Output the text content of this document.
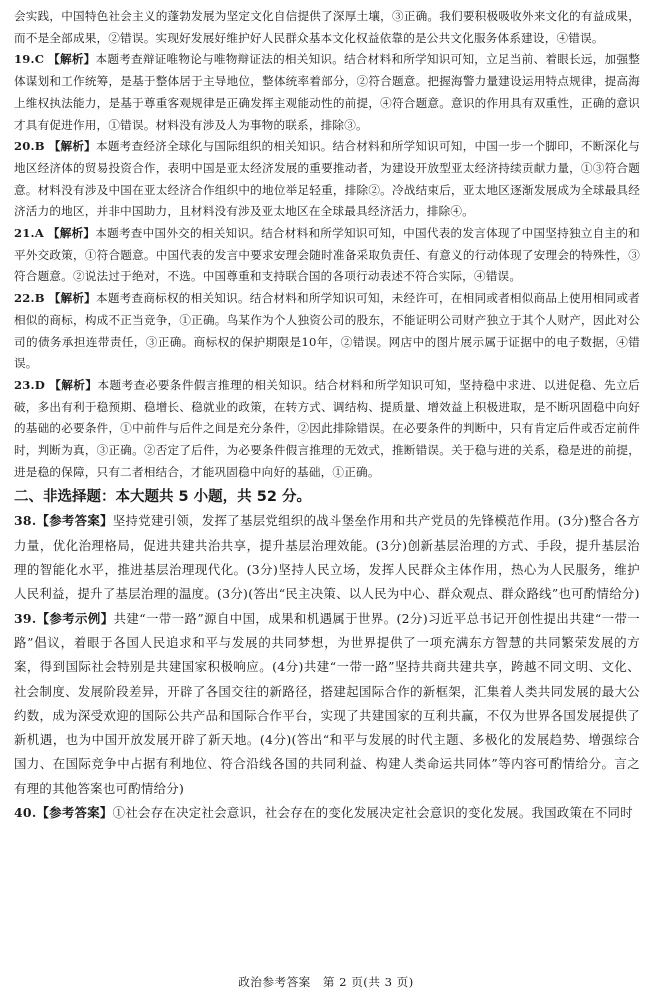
会实践，中国特色社会主义的蓬勃发展为坚定文化自信提供了深厚土壤，③正确。我们要积极吸收外来文化的有益成果，而不是全部成果，②错误。实现好发展好维护好人民群众基本文化权益依靠的是公共文化服务体系建设，④错误。

19.C 【解析】本题考查辩证唯物论与唯物辩证法的相关知识。结合材料和所学知识可知，立足当前、着眼长远，加强整体谋划和工作统筹，是基于整体居于主导地位，整体统率着部分，②符合题意。把握海警力量建设运用特点规律，提高海上维权执法能力，是基于尊重客观规律是正确发挥主观能动性的前提，④符合题意。意识的作用具有双重性，正确的意识才具有促进作用，①错误。材料没有涉及人为事物的联系，排除③。

20.B 【解析】本题考查经济全球化与国际组织的相关知识。结合材料和所学知识可知，中国一步一个脚印，不断深化与地区经济体的贸易投资合作，表明中国是亚太经济发展的重要推动者，为建设开放型亚太经济持续贡献力量，①③符合题意。材料没有涉及中国在亚太经济合作组织中的地位举足轻重，排除②。冷战结束后，亚太地区逐渐发展成为全球最具经济活力的地区，并非中国助力，且材料没有涉及亚太地区在全球最具经济活力，排除④。

21.A 【解析】本题考查中国外交的相关知识。结合材料和所学知识可知，中国代表的发言体现了中国坚持独立自主的和平外交政策，①符合题意。中国代表的发言中要求安理会随时准备采取负责任、有意义的行动体现了安理会的特殊性，③符合题意。②说法过于绝对，不选。中国尊重和支持联合国的各项行动表述不符合实际，④错误。

22.B 【解析】本题考查商标权的相关知识。结合材料和所学知识可知，未经许可，在相同或者相似商品上使用相同或者相似的商标，构成不正当竞争，①正确。鸟某作为个人独资公司的股东，不能证明公司财产独立于其个人财产，因此对公司的债务承担连带责任，③正确。商标权的保护期限是10年，②错误。网店中的图片展示属于证据中的电子数据，④错误。

23.D 【解析】本题考查必要条件假言推理的相关知识。结合材料和所学知识可知，坚持稳中求进、以进促稳、先立后破，多出有利于稳预期、稳增长、稳就业的政策，在转方式、调结构、提质量、增效益上积极进取，是不断巩固稳中向好的基础的必要条件，①中前件与后件之间是充分条件，②因此排除错误。在必要条件的判断中，只有肯定后件或否定前件时，判断为真，③正确。②否定了后件，为必要条件假言推理的无效式，推断错误。关于稳与进的关系，稳是进的前提，进是稳的保障，只有二者相结合，才能巩固稳中向好的基础，①正确。

二、非选择题：本大题共 5 小题，共 52 分。

38.【参考答案】坚持党建引领，发挥了基层党组织的战斗堡垒作用和共产党员的先锋模范作用。(3分)整合各方力量，优化治理格局，促进共建共治共享，提升基层治理效能。(3分)创新基层治理的方式、手段，提升基层治理的智能化水平，推进基层治理现代化。(3分)坚持人民立场，发挥人民群众主体作用，热心为人民服务，维护人民利益，提升了基层治理的温度。(3分)(答出“民主决策、以人民为中心、群众观点、群众路线”也可酌情给分)

39.【参考示例】共建“一带一路”源自中国，成果和机遇属于世界。(2分)习近平总书记开创性提出共建“一带一路”倡议，着眼于各国人民追求和平与发展的共同梦想，为世界提供了一项充满东方智慧的共同繁荣发展的方案，得到国际社会特别是共建国家积极响应。(4分)共建“一带一路”坚持共商共建共享，跨越不同文明、文化、社会制度、发展阶段差异，开辟了各国交往的新路径，搭建起国际合作的新框架，汇集着人类共同发展的最大公约数，成为深受欢迎的国际公共产品和国际合作平台，实现了共建国家的互利共赢，不仅为世界各国发展提供了新机遇，也为中国开放发展开辟了新天地。(4分)(答出“和平与发展的时代主题、多极化的发展趋势、增强综合国力、在国际竞争中占据有利地位、符合沿线各国的共同利益、构建人类命运共同体”等内容可酌情给分。言之有理的其他答案也可酌情给分)

40.【参考答案】①社会存在决定社会意识，社会存在的变化发展决定社会意识的变化发展。我国政策在不同时

政治参考答案　第 2 页(共 3 页)
